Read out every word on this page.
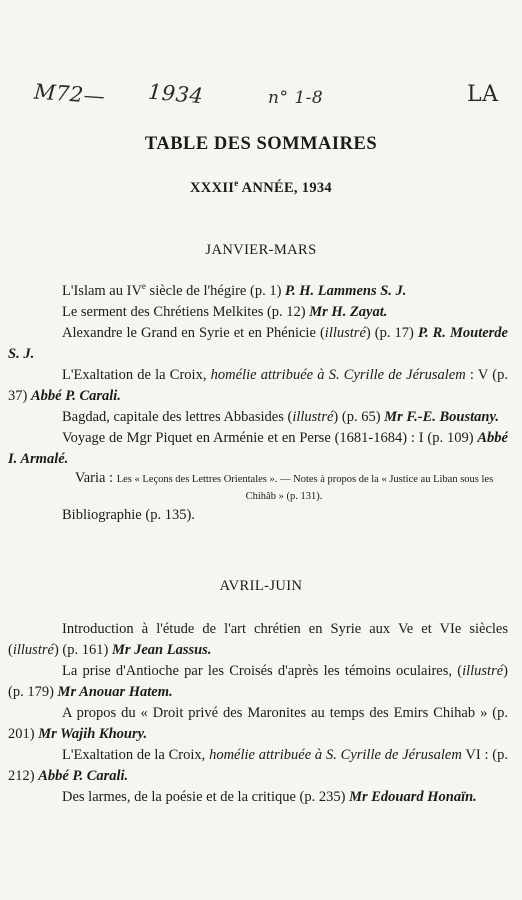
M72— 1934	n° 1-8	LA
TABLE DES SOMMAIRES
XXXIIe ANNÉE, 1934
JANVIER-MARS

L'Islam au IVe siècle de l'hégire (p. 1) P. H. Lammens S. J.

Le serment des Chrétiens Melkites (p. 12) Mr H. Zayat.

Alexandre le Grand en Syrie et en Phénicie (illustré) (p. 17) P. R. Mouterde S. J.

L'Exaltation de la Croix, homélie attribuée à S. Cyrille de Jérusalem : V (p. 37) Abbé P. Carali.

Bagdad, capitale des lettres Abbasides (illustré) (p. 65) Mr F.-E. Boustany.

Voyage de Mgr Piquet en Arménie et en Perse (1681-1684) : I (p. 109) Abbé I. Armalé.

Varia : Les « Leçons des Lettres Orientales ». — Notes à propos de la « Justice au Liban sous les Chihâb » (p. 131).

Bibliographie (p. 135).

AVRIL-JUIN

Introduction à l'étude de l'art chrétien en Syrie aux Ve et VIe siècles (illustré) (p. 161) Mr Jean Lassus.

La prise d'Antioche par les Croisés d'après les témoins oculaires, (illustré) (p. 179) Mr Anouar Hatem.

A propos du « Droit privé des Maronites au temps des Emirs Chihab » (p. 201) Mr Wajih Khoury.

L'Exaltation de la Croix, homélie attribuée à S. Cyrille de Jérusalem VI : (p. 212) Abbé P. Carali.

Des larmes, de la poésie et de la critique (p. 235) Mr Edouard Honaïn.
